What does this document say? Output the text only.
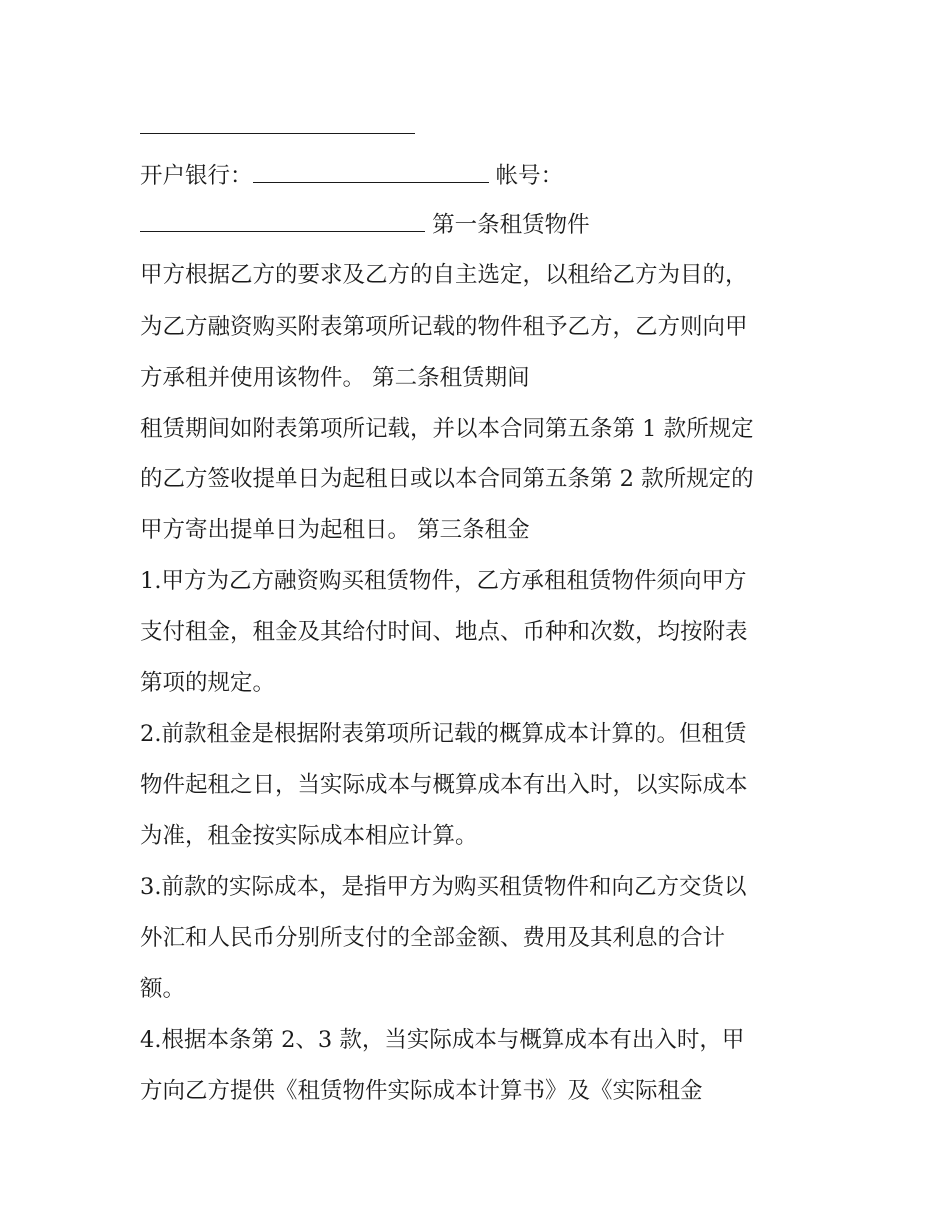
开户银行：	帐号：
第一条租赁物件
甲方根据乙方的要求及乙方的自主选定，以租给乙方为目的，
为乙方融资购买附表第项所记载的物件租予乙方，乙方则向甲
方承租并使用该物件。 第二条租赁期间
租赁期间如附表第项所记载，并以本合同第五条第 1 款所规定
的乙方签收提单日为起租日或以本合同第五条第 2 款所规定的
甲方寄出提单日为起租日。 第三条租金
1.甲方为乙方融资购买租赁物件，乙方承租租赁物件须向甲方
支付租金，租金及其给付时间、地点、币种和次数，均按附表
第项的规定。
2.前款租金是根据附表第项所记载的概算成本计算的。但租赁
物件起租之日，当实际成本与概算成本有出入时，以实际成本
为准，租金按实际成本相应计算。
3.前款的实际成本，是指甲方为购买租赁物件和向乙方交货以
外汇和人民币分别所支付的全部金额、费用及其利息的合计
额。
4.根据本条第 2、3 款，当实际成本与概算成本有出入时，甲
方向乙方提供《租赁物件实际成本计算书》及《实际租金
